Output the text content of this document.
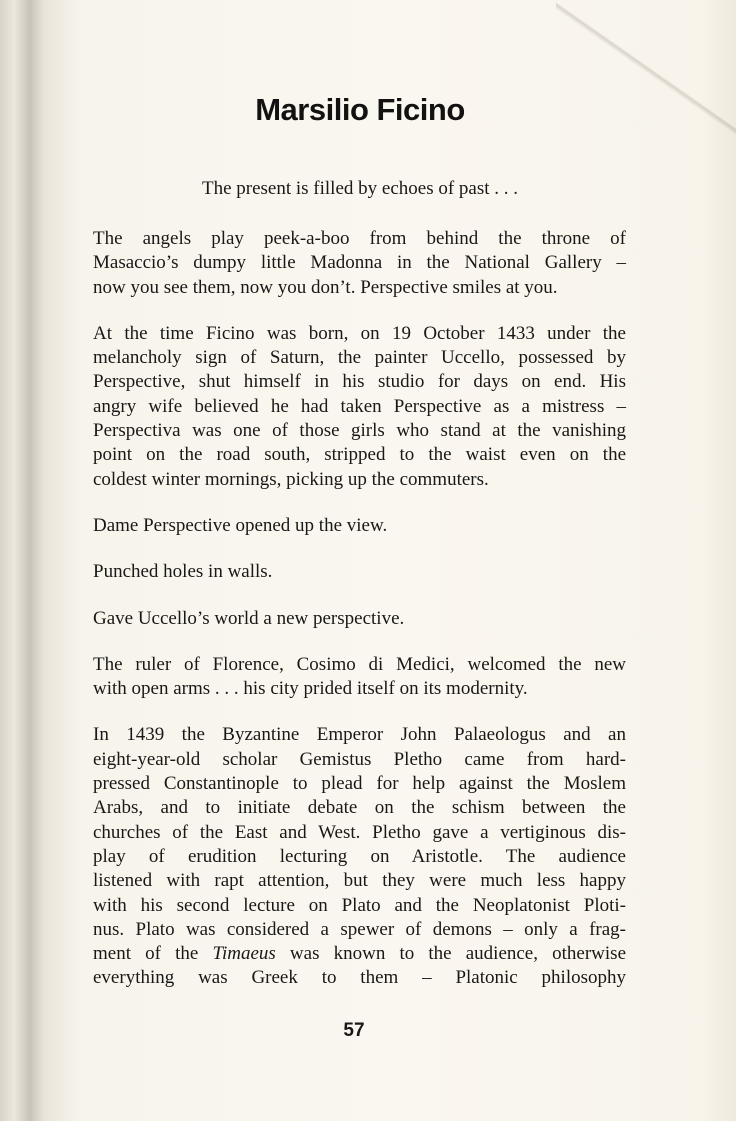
Marsilio Ficino
The present is filled by echoes of past . . .
The angels play peek-a-boo from behind the throne of
Masaccio’s dumpy little Madonna in the National Gallery –
now you see them, now you don’t. Perspective smiles at you.
At the time Ficino was born, on 19 October 1433 under the
melancholy sign of Saturn, the painter Uccello, possessed by
Perspective, shut himself in his studio for days on end. His
angry wife believed he had taken Perspective as a mistress –
Perspectiva was one of those girls who stand at the vanishing
point on the road south, stripped to the waist even on the
coldest winter mornings, picking up the commuters.
Dame Perspective opened up the view.
Punched holes in walls.
Gave Uccello’s world a new perspective.
The ruler of Florence, Cosimo di Medici, welcomed the new
with open arms . . . his city prided itself on its modernity.
In 1439 the Byzantine Emperor John Palaeologus and an
eight-year-old scholar Gemistus Pletho came from hard-
pressed Constantinople to plead for help against the Moslem
Arabs, and to initiate debate on the schism between the
churches of the East and West. Pletho gave a vertiginous dis-
play of erudition lecturing on Aristotle. The audience
listened with rapt attention, but they were much less happy
with his second lecture on Plato and the Neoplatonist Ploti-
nus. Plato was considered a spewer of demons – only a frag-
ment of the Timaeus was known to the audience, otherwise
everything was Greek to them – Platonic philosophy
57
